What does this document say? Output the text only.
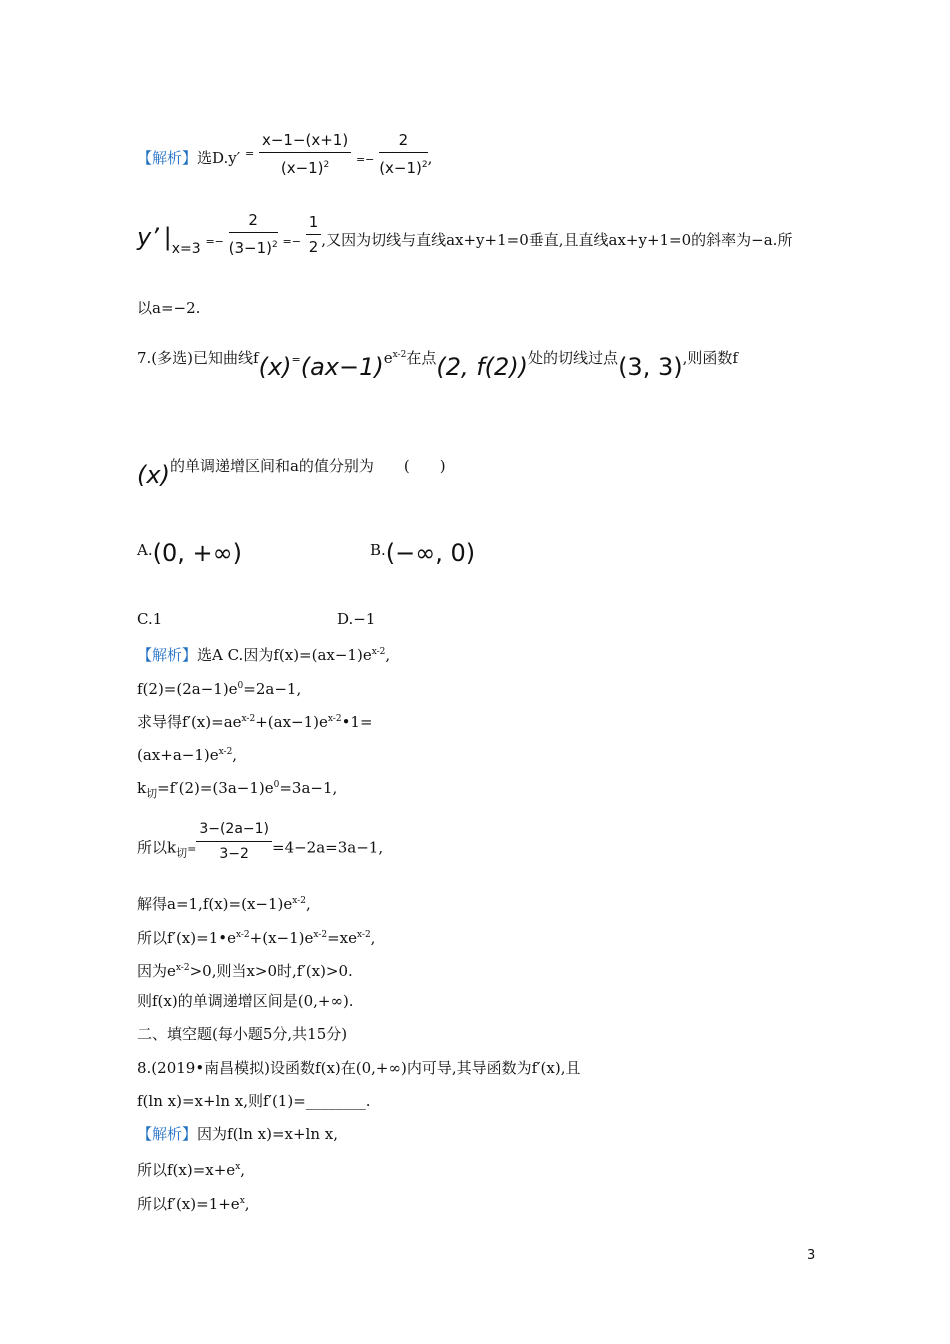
【解析】选D.y′ $^= \frac{x-1-(x+1)}{(x-1)^2} =- \frac{2}{(x-1)^2}$ ,
y’ $|x=3 =- \frac{2}{(3-1)^2} =- \frac{1}{2}$ ,又因为切线与直线ax+y+1=0垂直,且直线ax+y+1=0的斜率为−a.所
以a=−2.
7.(多选)已知曲线$f(x)=(ax-1)e^{x-2}$在点(2, f(2))处的切线过点(3, 3),则函数f
(x)的单调递增区间和a的值分别为　　(　　)
A.(0, +∞)	B.(−∞, 0)
C.1	D.−1
【解析】选A C.因为$f(x)=(ax-1)e^{x-2}$,
$f(2)=(2a-1)e^0=2a-1$,
求导得$f'(x)=ae^{x-2}+(ax-1)e^{x-2}•1=$
$(ax+a-1)e^{x-2}$,
$k_切=f'(2)=(3a-1)e^0=3a-1$,
所以$k_切= \frac{3-(2a-1)}{3-2} =4-2a=3a-1$,
解得$a=1,f(x)=(x-1)e^{x-2}$,
所以$f'(x)=1•e^{x-2}+(x-1)e^{x-2}=xe^{x-2}$,
因为$e^{x-2}>0$,则当x>0时,f′(x)>0.
则f(x)的单调递增区间是(0,+∞).
二、填空题(每小题5分,共15分)
8.(2019•南昌模拟)设函数f(x)在(0,+∞)内可导,其导函数为f′(x),且
f(ln x)=x+ln x,则f′(1)=________.
【解析】因为f(ln x)=x+ln x,
所以$f(x)=x+e^x$,
所以$f'(x)=1+e^x$,
3
